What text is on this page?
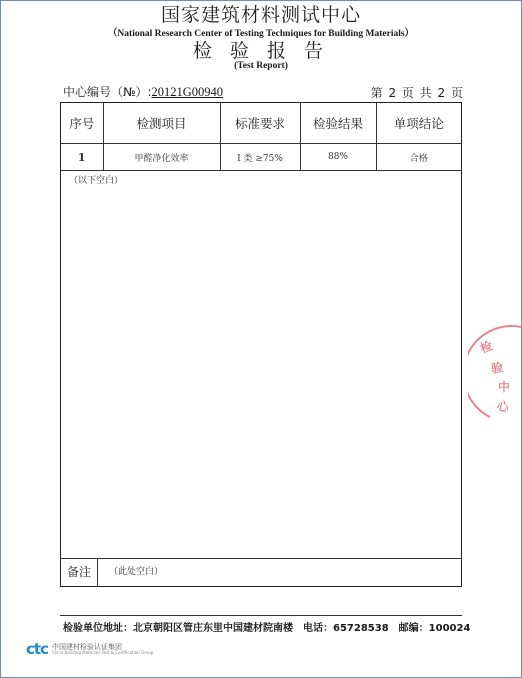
国家建筑材料测试中心
（National Research Center of Testing Techniques for Building Materials）
检 验 报 告
(Test Report)
中心编号（№）:20121G00940	第 2 页 共 2 页
序号	检测项目	标准要求	检验结果	单项结论
1	甲醛净化效率	I 类 ≥75%	88%	合格
（以下空白）
备注	（此处空白）
检验单位地址：北京朝阳区管庄东里中国建材院南楼 电话：65728538 邮编：100024
ctc 中国建材检验认证集团
China Building Materials Test & Certification Group
检
验
中
心
